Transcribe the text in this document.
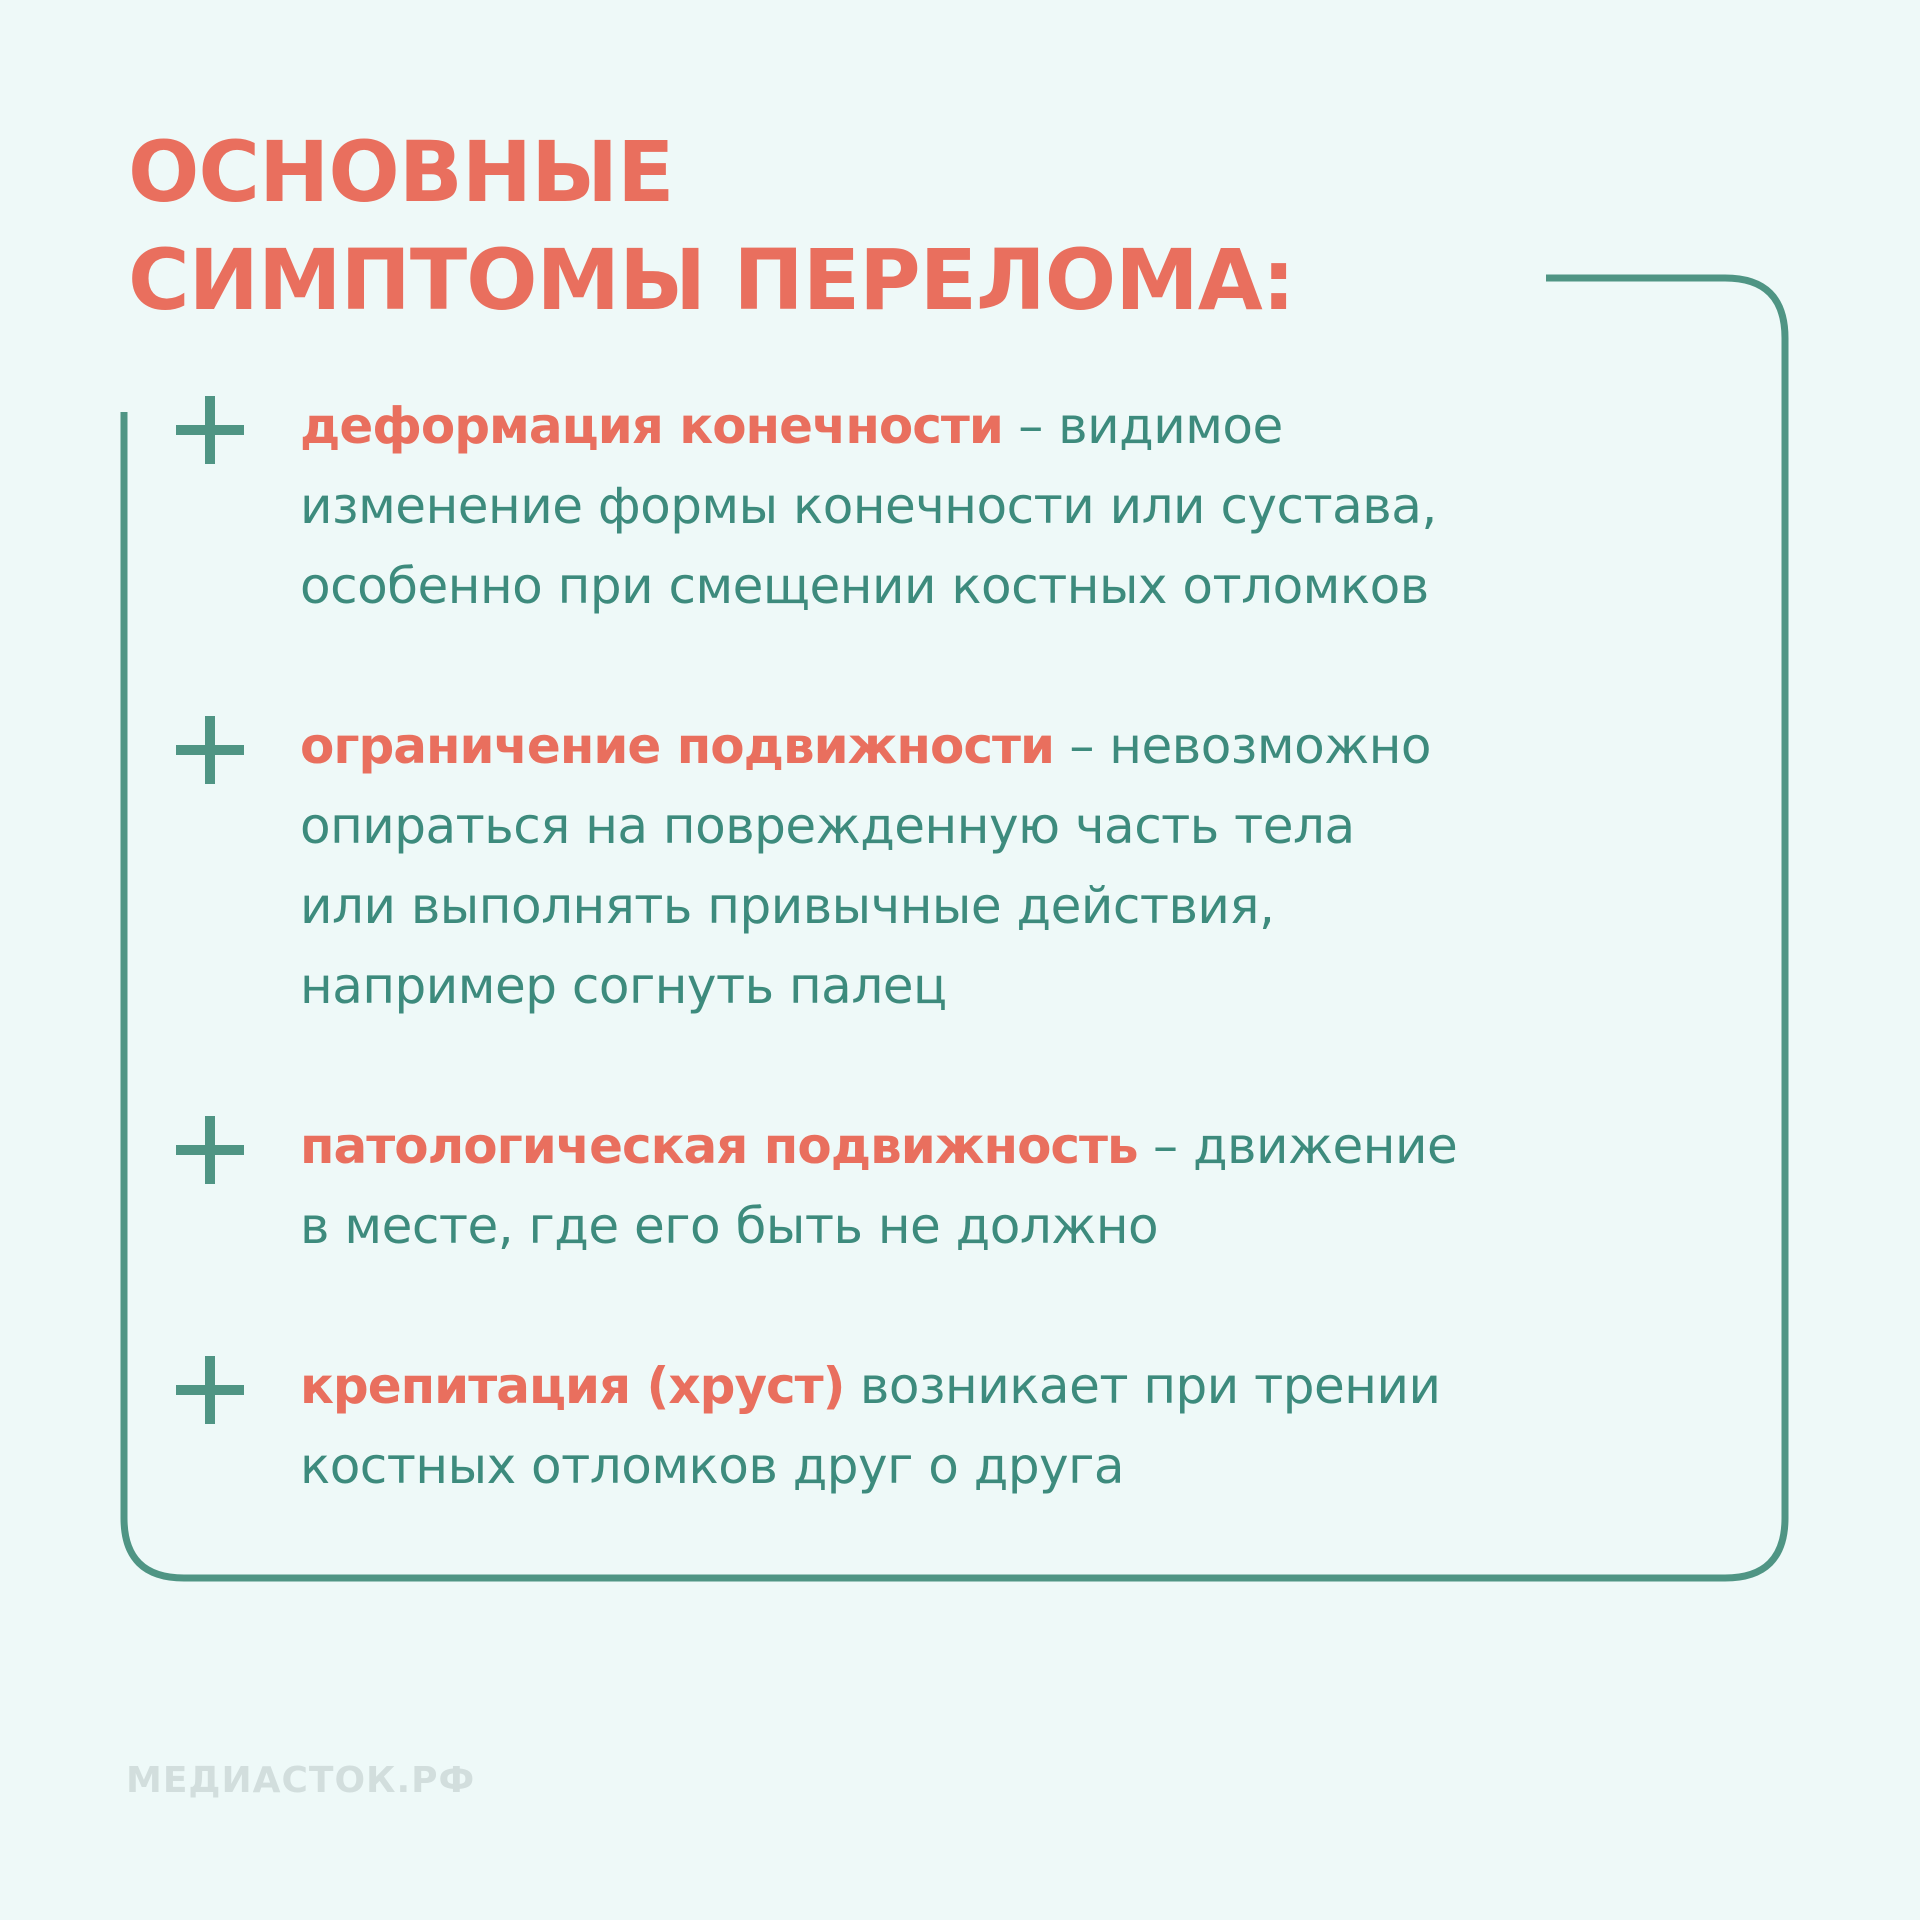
ОСНОВНЫЕ
СИМПТОМЫ ПЕРЕЛОМА:
деформация конечности – видимое
изменение формы конечности или сустава,
особенно при смещении костных отломков
ограничение подвижности – невозможно
опираться на поврежденную часть тела
или выполнять привычные действия,
например согнуть палец
патологическая подвижность – движение
в месте, где его быть не должно
крепитация (хруст) возникает при трении
костных отломков друг о друга
МЕДИАСТОК.РФ
